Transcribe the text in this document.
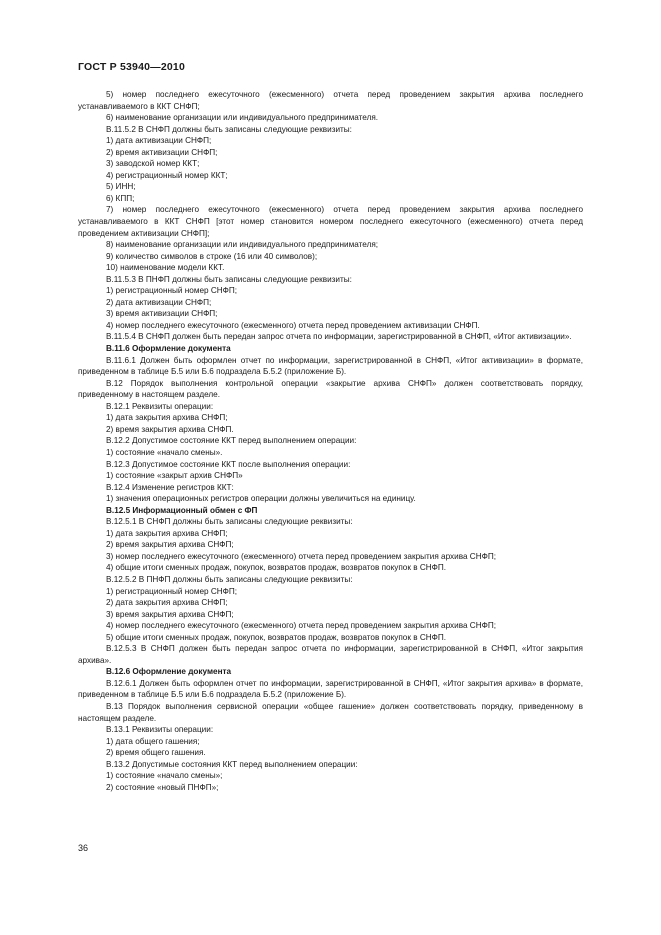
ГОСТ Р 53940—2010

5) номер последнего ежесуточного (ежесменного) отчета перед проведением закрытия архива последнего устанавливаемого в ККТ СНФП;

6) наименование организации или индивидуального предпринимателя.

В.11.5.2 В СНФП должны быть записаны следующие реквизиты:

1) дата активизации СНФП;

2) время активизации СНФП;

3) заводской номер ККТ;

4) регистрационный номер ККТ;

5) ИНН;

6) КПП;

7) номер последнего ежесуточного (ежесменного) отчета перед проведением закрытия архива последнего устанавливаемого в ККТ СНФП [этот номер становится номером последнего ежесуточного (ежесменного) отчета перед проведением активизации СНФП];

8) наименование организации или индивидуального предпринимателя;

9) количество символов в строке (16 или 40 символов);

10) наименование модели ККТ.

В.11.5.3 В ПНФП должны быть записаны следующие реквизиты:

1) регистрационный номер СНФП;

2) дата активизации СНФП;

3) время активизации СНФП;

4) номер последнего ежесуточного (ежесменного) отчета перед проведением активизации СНФП.

В.11.5.4 В СНФП должен быть передан запрос отчета по информации, зарегистрированной в СНФП, «Итог активизации».

В.11.6 Оформление документа

В.11.6.1 Должен быть оформлен отчет по информации, зарегистрированной в СНФП, «Итог активизации» в формате, приведенном в таблице Б.5 или Б.6 подраздела Б.5.2 (приложение Б).

В.12 Порядок выполнения контрольной операции «закрытие архива СНФП» должен соответствовать порядку, приведенному в настоящем разделе.

В.12.1 Реквизиты операции:

1) дата закрытия архива СНФП;

2) время закрытия архива СНФП.

В.12.2 Допустимое состояние ККТ перед выполнением операции:

1) состояние «начало смены».

В.12.3 Допустимое состояние ККТ после выполнения операции:

1) состояние «закрыт архив СНФП»

В.12.4 Изменение регистров ККТ:

1) значения операционных регистров операции должны увеличиться на единицу.

В.12.5 Информационный обмен с ФП

В.12.5.1 В СНФП должны быть записаны следующие реквизиты:

1) дата закрытия архива СНФП;

2) время закрытия архива СНФП;

3) номер последнего ежесуточного (ежесменного) отчета перед проведением закрытия архива СНФП;

4) общие итоги сменных продаж, покупок, возвратов продаж, возвратов покупок в СНФП.

В.12.5.2 В ПНФП должны быть записаны следующие реквизиты:

1) регистрационный номер СНФП;

2) дата закрытия архива СНФП;

3) время закрытия архива СНФП;

4) номер последнего ежесуточного (ежесменного) отчета перед проведением закрытия архива СНФП;

5) общие итоги сменных продаж, покупок, возвратов продаж, возвратов покупок в СНФП.

В.12.5.3 В СНФП должен быть передан запрос отчета по информации, зарегистрированной в СНФП, «Итог закрытия архива».

В.12.6 Оформление документа

В.12.6.1 Должен быть оформлен отчет по информации, зарегистрированной в СНФП, «Итог закрытия архива» в формате, приведенном в таблице Б.5 или Б.6 подраздела Б.5.2 (приложение Б).

В.13 Порядок выполнения сервисной операции «общее гашение» должен соответствовать порядку, приведенному в настоящем разделе.

В.13.1 Реквизиты операции:

1) дата общего гашения;

2) время общего гашения.

В.13.2 Допустимые состояния ККТ перед выполнением операции:

1) состояние «начало смены»;

2) состояние «новый ПНФП»;

36
